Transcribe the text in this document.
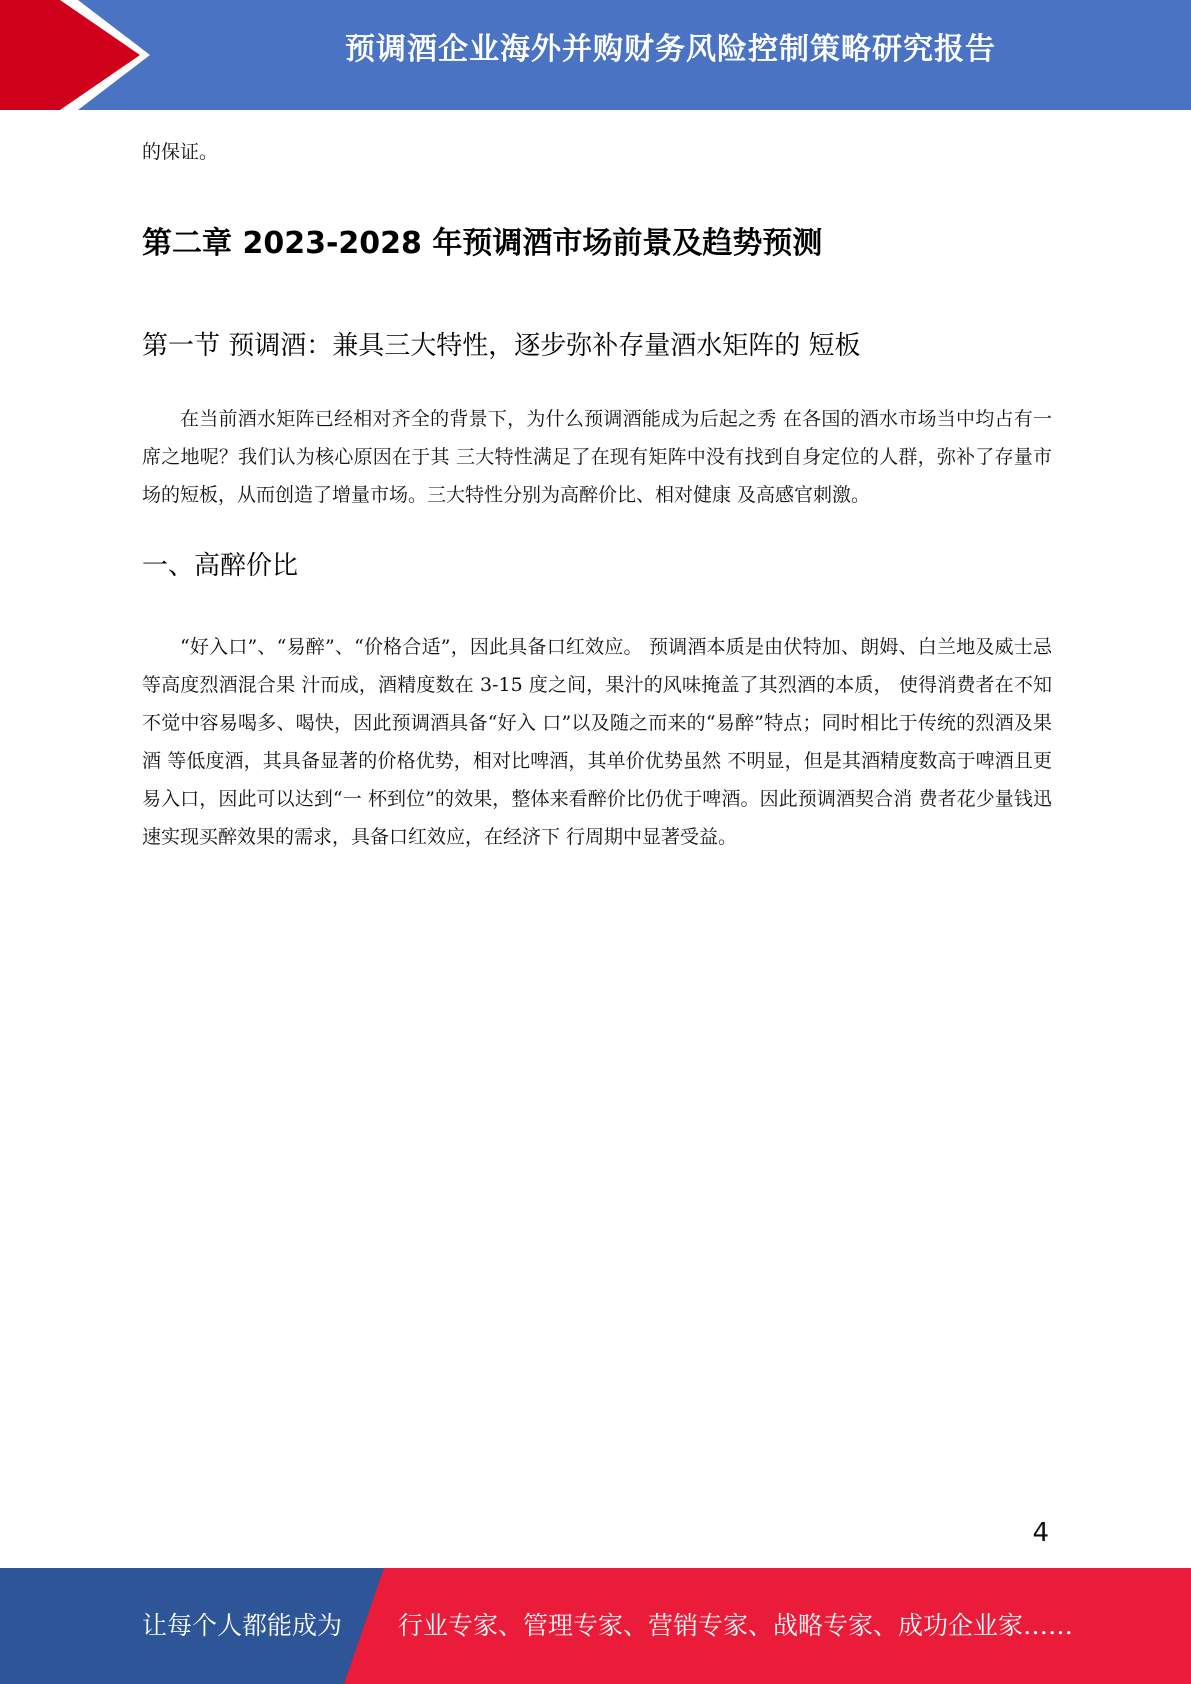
预调酒企业海外并购财务风险控制策略研究报告

的保证。

第二章 2023-2028 年预调酒市场前景及趋势预测
第一节 预调酒：兼具三大特性，逐步弥补存量酒水矩阵的 短板

在当前酒水矩阵已经相对齐全的背景下，为什么预调酒能成为后起之秀 在各国的酒水市场当中均占有一席之地呢？我们认为核心原因在于其 三大特性满足了在现有矩阵中没有找到自身定位的人群，弥补了存量市 场的短板，从而创造了增量市场。三大特性分别为高醉价比、相对健康 及高感官刺激。

一、高醉价比

“好入口”、“易醉”、“价格合适”，因此具备口红效应。 预调酒本质是由伏特加、朗姆、白兰地及威士忌等高度烈酒混合果 汁而成，酒精度数在 3-15 度之间，果汁的风味掩盖了其烈酒的本质， 使得消费者在不知不觉中容易喝多、喝快，因此预调酒具备“好入 口”以及随之而来的“易醉”特点；同时相比于传统的烈酒及果酒 等低度酒，其具备显著的价格优势，相对比啤酒，其单价优势虽然 不明显，但是其酒精度数高于啤酒且更易入口，因此可以达到“一 杯到位”的效果，整体来看醉价比仍优于啤酒。因此预调酒契合消 费者花少量钱迅速实现买醉效果的需求，具备口红效应，在经济下 行周期中显著受益。

4
让每个人都能成为 行业专家、管理专家、营销专家、战略专家、成功企业家……
